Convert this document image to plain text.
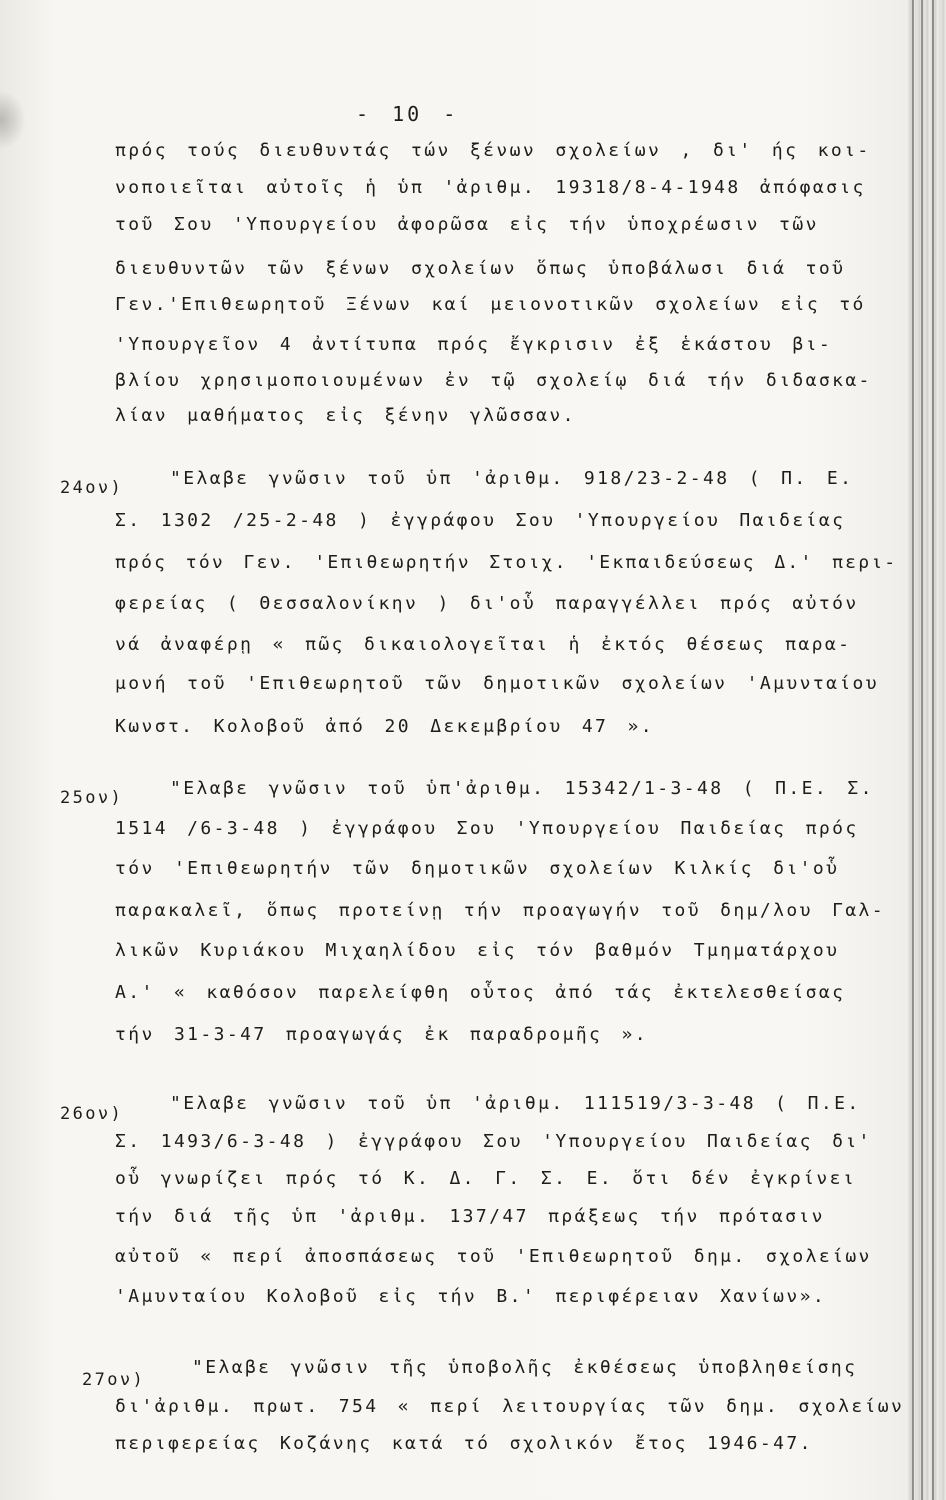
- 10 -
πρός τούς διευθυντάς τών ξένων σχολείων , δι' ής κοι-
νοποιεῖται αὐτοῖς ἡ ὑπ 'ἀριθμ. 19318/8-4-1948 ἀπόφασις
τοῦ Σου 'Υπουργείου ἀφορῶσα εἰς τήν ὑποχρέωσιν τῶν
διευθυντῶν τῶν ξένων σχολείων ὅπως ὑποβάλωσι διά τοῦ
Γεν.'Επιθεωρητοῦ Ξένων καί μειονοτικῶν σχολείων εἰς τό
'Υπουργεῖον 4 ἀντίτυπα πρός ἔγκρισιν ἐξ ἑκάστου βι-
βλίου χρησιμοποιουμένων ἐν τῷ σχολείῳ διά τήν διδασκα-
λίαν μαθήματος εἰς ξένην γλῶσσαν.
24ον)	"Ελαβε γνῶσιν τοῦ ὑπ 'ἀριθμ. 918/23-2-48 ( Π. Ε.
Σ. 1302 /25-2-48 ) ἐγγράφου Σου 'Υπουργείου Παιδείας
πρός τόν Γεν. 'Επιθεωρητήν Στοιχ. 'Εκπαιδεύσεως Δ.' περι-
φερείας ( Θεσσαλονίκην ) δι'οὗ παραγγέλλει πρός αὐτόν
νά ἀναφέρῃ « πῶς δικαιολογεῖται ἡ ἐκτός θέσεως παρα-
μονή τοῦ 'Επιθεωρητοῦ τῶν δημοτικῶν σχολείων 'Αμυνταίου
Κωνστ. Κολοβοῦ ἀπό 20 Δεκεμβρίου 47 ».
25ον)	"Ελαβε γνῶσιν τοῦ ὑπ'ἀριθμ. 15342/1-3-48 ( Π.Ε. Σ.
1514 /6-3-48 ) ἐγγράφου Σου 'Υπουργείου Παιδείας πρός
τόν 'Επιθεωρητήν τῶν δημοτικῶν σχολείων Κιλκίς δι'οὗ
παρακαλεῖ, ὅπως προτείνῃ τήν προαγωγήν τοῦ δημ/λου Γαλ-
λικῶν Κυριάκου Μιχαηλίδου εἰς τόν βαθμόν Τμηματάρχου
Α.' « καθόσον παρελείφθη οὗτος ἀπό τάς ἐκτελεσθείσας
τήν 31-3-47 προαγωγάς ἐκ παραδρομῆς ».
26ον)	"Ελαβε γνῶσιν τοῦ ὑπ 'ἀριθμ. 111519/3-3-48 ( Π.Ε.
Σ. 1493/6-3-48 ) ἐγγράφου Σου 'Υπουργείου Παιδείας δι'
οὗ γνωρίζει πρός τό Κ. Δ. Γ. Σ. Ε. ὅτι δέν ἐγκρίνει
τήν διά τῆς ὑπ 'ἀριθμ. 137/47 πράξεως τήν πρότασιν
αὐτοῦ « περί ἀποσπάσεως τοῦ 'Επιθεωρητοῦ δημ. σχολείων
'Αμυνταίου Κολοβοῦ εἰς τήν Β.' περιφέρειαν Χανίων».
27ον)
"Ελαβε γνῶσιν τῆς ὑποβολῆς ἐκθέσεως ὑποβληθείσης
δι'ἀριθμ. πρωτ. 754 « περί λειτουργίας τῶν δημ. σχολείων
περιφερείας Κοζάνης κατά τό σχολικόν ἔτος 1946-47.
